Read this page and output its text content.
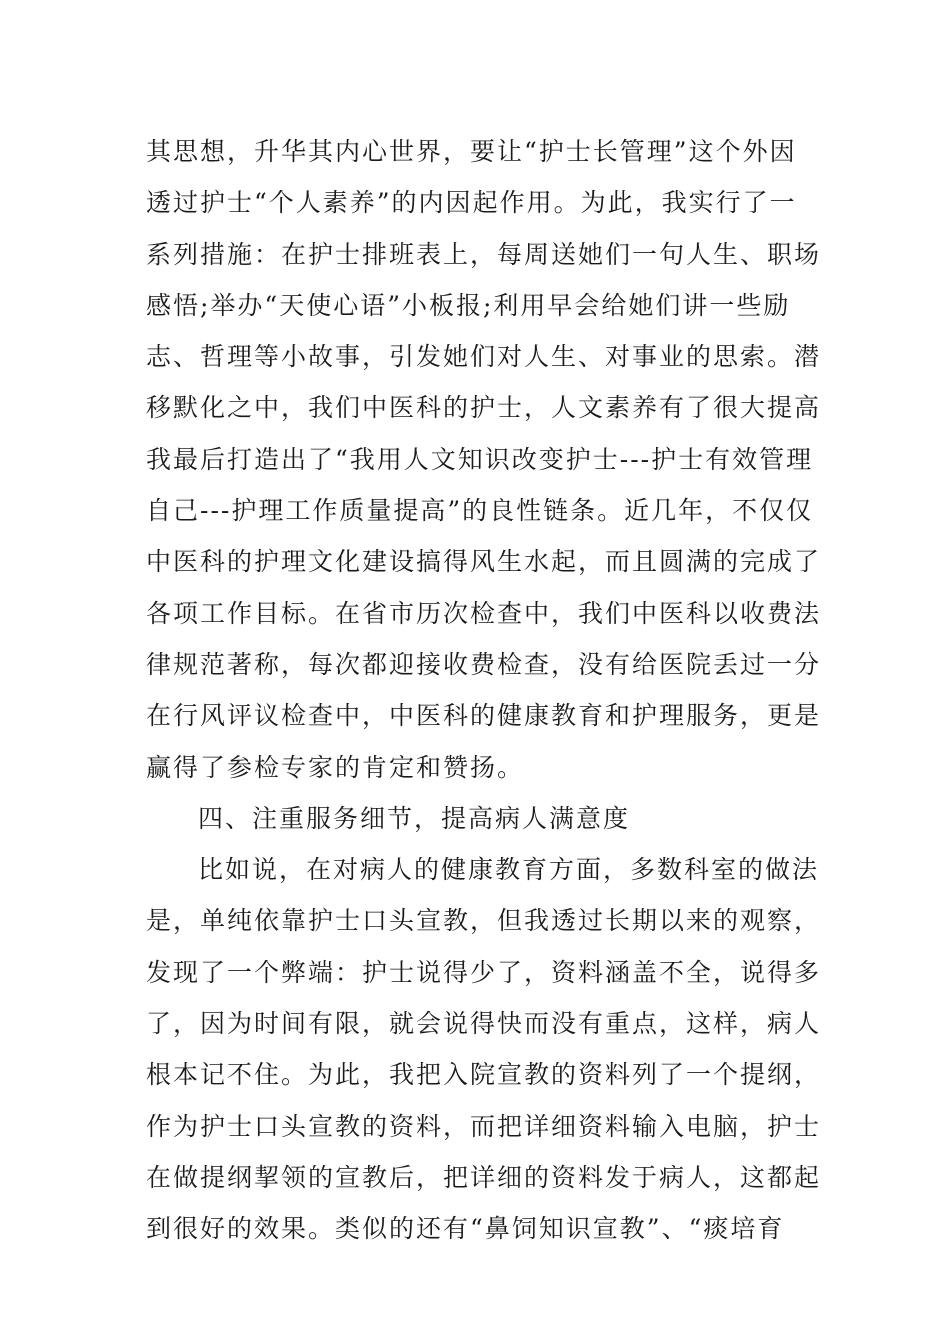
其思想，升华其内心世界，要让“护士长管理”这个外因
透过护士“个人素养”的内因起作用。为此，我实行了一
系列措施：在护士排班表上，每周送她们一句人生、职场
感悟;举办“天使心语”小板报;利用早会给她们讲一些励
志、哲理等小故事，引发她们对人生、对事业的思索。潜
移默化之中，我们中医科的护士，人文素养有了很大提高
我最后打造出了“我用人文知识改变护士---护士有效管理
自己---护理工作质量提高”的良性链条。近几年，不仅仅
中医科的护理文化建设搞得风生水起，而且圆满的完成了
各项工作目标。在省市历次检查中，我们中医科以收费法
律规范著称，每次都迎接收费检查，没有给医院丢过一分
在行风评议检查中，中医科的健康教育和护理服务，更是
赢得了参检专家的肯定和赞扬。
四、注重服务细节，提高病人满意度
比如说，在对病人的健康教育方面，多数科室的做法
是，单纯依靠护士口头宣教，但我透过长期以来的观察，
发现了一个弊端：护士说得少了，资料涵盖不全，说得多
了，因为时间有限，就会说得快而没有重点，这样，病人
根本记不住。为此，我把入院宣教的资料列了一个提纲，
作为护士口头宣教的资料，而把详细资料输入电脑，护士
在做提纲挈领的宣教后，把详细的资料发于病人，这都起
到很好的效果。类似的还有“鼻饲知识宣教”、“痰培育
